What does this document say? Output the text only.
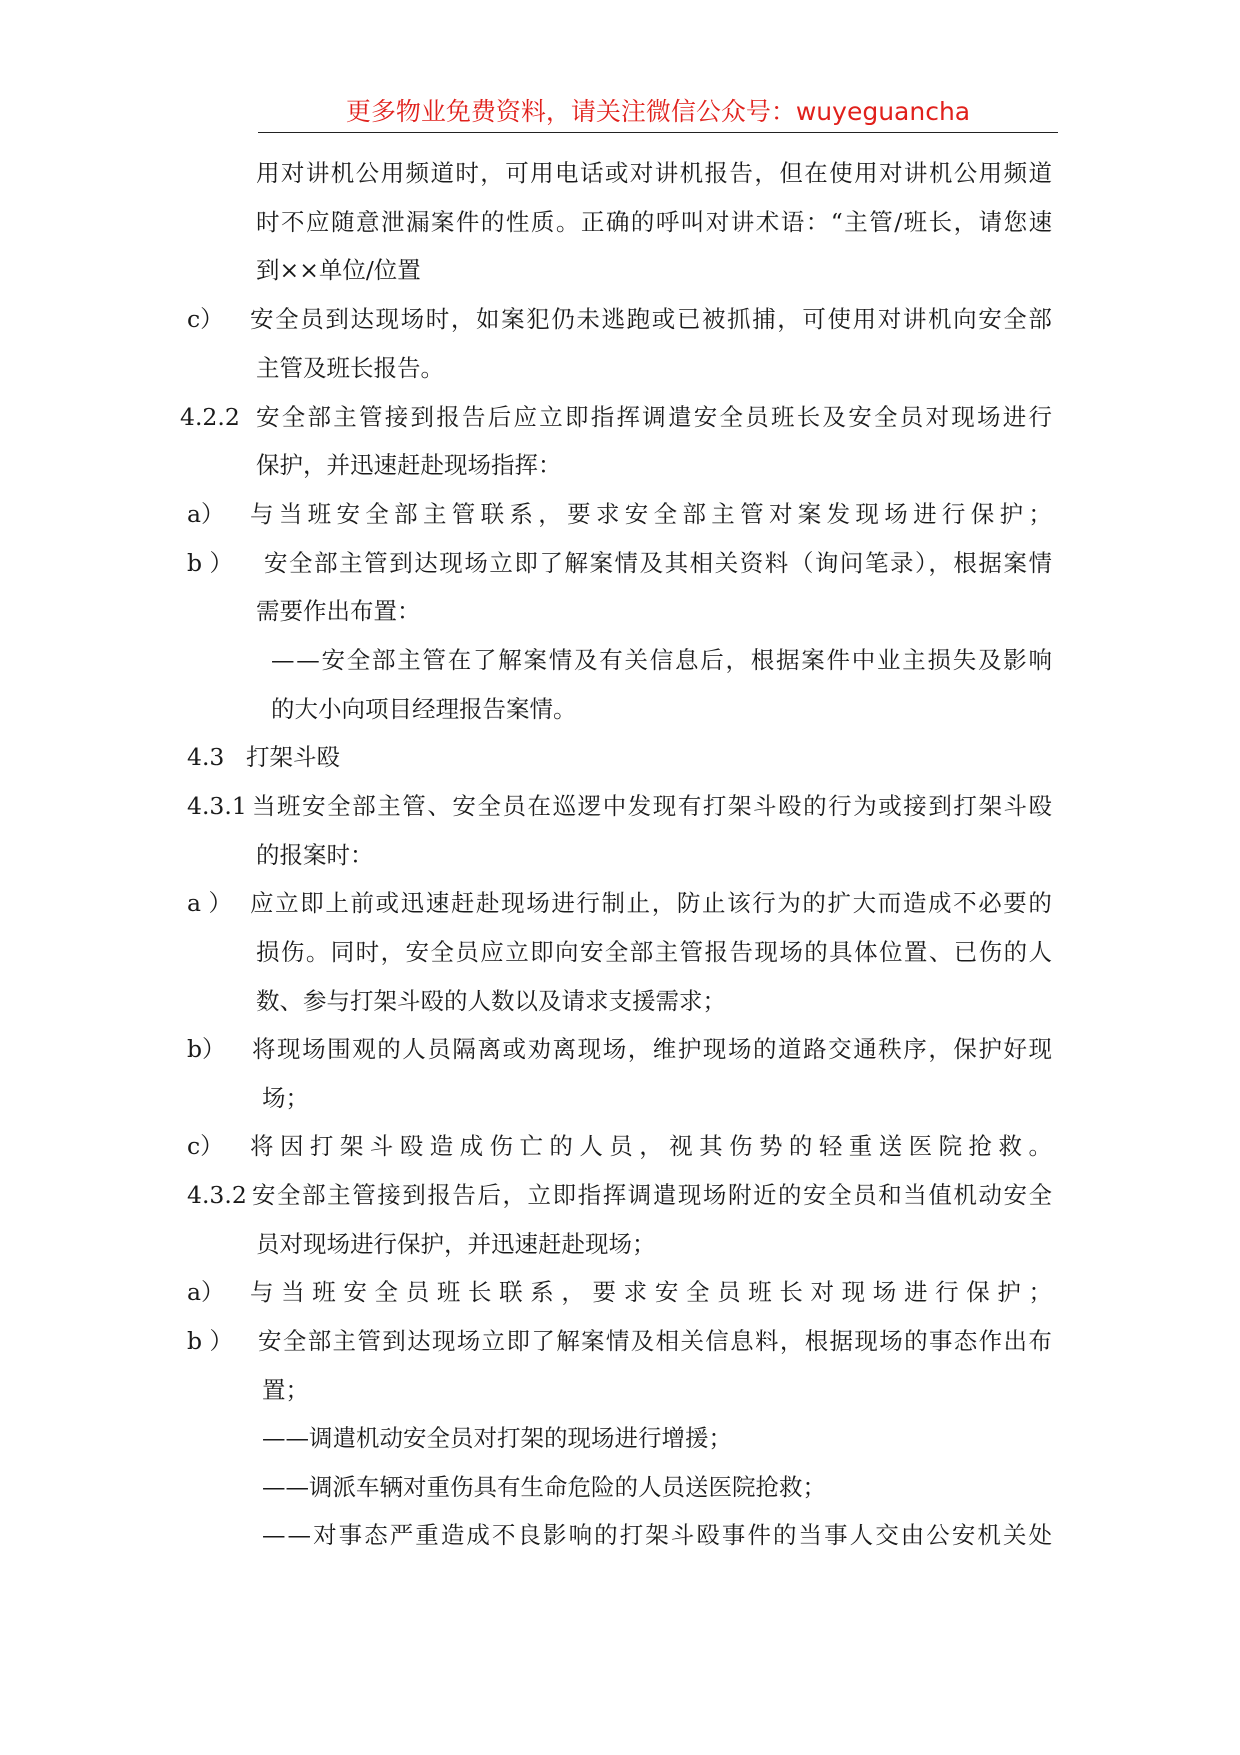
更多物业免费资料，请关注微信公众号：wuyeguancha
用对讲机公用频道时，可用电话或对讲机报告，但在使用对讲机公用频道
时不应随意泄漏案件的性质。正确的呼叫对讲术语：“主管/班长，请您速
到××单位/位置
c） 安全员到达现场时，如案犯仍未逃跑或已被抓捕，可使用对讲机向安全部
主管及班长报告。
4.2.2 安全部主管接到报告后应立即指挥调遣安全员班长及安全员对现场进行
保护，并迅速赶赴现场指挥：
a） 与当班安全部主管联系，要求安全部主管对案发现场进行保护；
b ） 安全部主管到达现场立即了解案情及其相关资料（询问笔录），根据案情
需要作出布置：
——安全部主管在了解案情及有关信息后，根据案件中业主损失及影响
的大小向项目经理报告案情。
4.3 打架斗殴
4.3.1 当班安全部主管、安全员在巡逻中发现有打架斗殴的行为或接到打架斗殴
的报案时：
a ） 应立即上前或迅速赶赴现场进行制止，防止该行为的扩大而造成不必要的
损伤。同时，安全员应立即向安全部主管报告现场的具体位置、已伤的人
数、参与打架斗殴的人数以及请求支援需求；
b） 将现场围观的人员隔离或劝离现场，维护现场的道路交通秩序，保护好现
场；
c） 将因打架斗殴造成伤亡的人员，视其伤势的轻重送医院抢救。
4.3.2 安全部主管接到报告后，立即指挥调遣现场附近的安全员和当值机动安全
员对现场进行保护，并迅速赶赴现场；
a） 与当班安全员班长联系，要求安全员班长对现场进行保护；
b ） 安全部主管到达现场立即了解案情及相关信息料，根据现场的事态作出布
置；
——调遣机动安全员对打架的现场进行增援；
——调派车辆对重伤具有生命危险的人员送医院抢救；
——对事态严重造成不良影响的打架斗殴事件的当事人交由公安机关处
